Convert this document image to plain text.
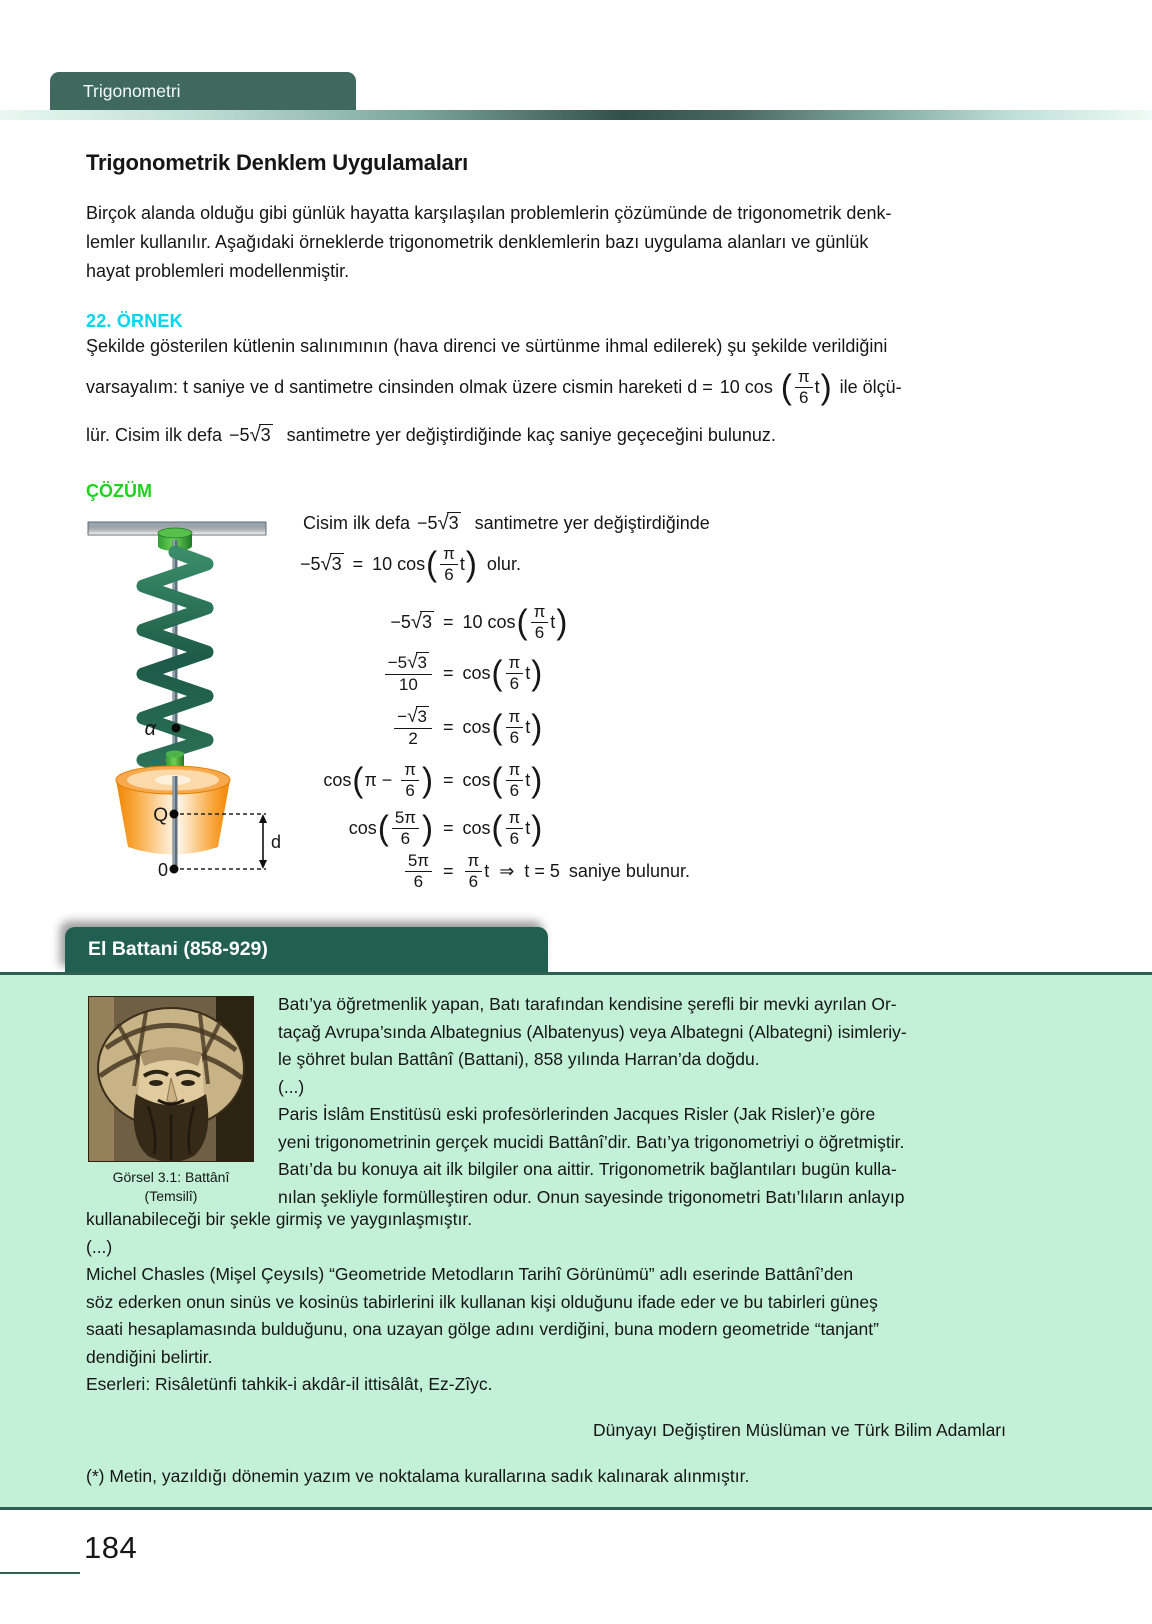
Trigonometri
Trigonometrik Denklem Uygulamaları
Birçok alanda olduğu gibi günlük hayatta karşılaşılan problemlerin çözümünde de trigonometrik denk-
lemler kullanılır. Aşağıdaki örneklerde trigonometrik denklemlerin bazı uygulama alanları ve günlük
hayat problemleri modellenmiştir.
22. ÖRNEK
Şekilde gösterilen kütlenin salınımının (hava direnci ve sürtünme ihmal edilerek) şu şekilde verildiğini
varsayalım: t saniye ve d santimetre cinsinden olmak üzere cismin hareketi d = 10 cos ( $\frac{\pi}{6}$ t ) ile ölçü-
lür. Cisim ilk defa −5 √ 3 santimetre yer değiştirdiğinde kaç saniye geçeceğini bulunuz.
ÇÖZÜM
α
Q
0
d
Cisim ilk defa −5 √ 3 santimetre yer değiştirdiğinde
−5 √ 3 = 10 cos ( $\frac{\pi}{6}$ t ) olur.
−5 √ 3 = 10 cos ( $\frac{\pi}{6}$ t )
$\frac{-5 √ 3}{10} = \cos$ ( $\frac{\pi}{6}$ t )
$\frac{- √ 3}{2} = \cos$ ( $\frac{\pi}{6}$ t )
cos ( $\pi - \frac{\pi}{6}$ ) = cos ( $\frac{\pi}{6}$ t )
cos ( $\frac{5\pi}{6}$ ) = cos ( $\frac{\pi}{6}$ t )
$\frac{5\pi}{6} = \frac{\pi}{6}$ t ⇒ t = 5 saniye bulunur.
El Battani (858-929)
Görsel 3.1: Battânî
(Temsilî)
Batı’ya öğretmenlik yapan, Batı tarafından kendisine şerefli bir mevki ayrılan Or-
taçağ Avrupa’sında Albategnius (Albatenyus) veya Albategni (Albategni) isimleriy-
le şöhret bulan Battânî (Battani), 858 yılında Harran’da doğdu.
(...)
Paris İslâm Enstitüsü eski profesörlerinden Jacques Risler (Jak Risler)’e göre
yeni trigonometrinin gerçek mucidi Battânî’dir. Batı’ya trigonometriyi o öğretmiştir.
Batı’da bu konuya ait ilk bilgiler ona aittir. Trigonometrik bağlantıları bugün kulla-
nılan şekliyle formülleştiren odur. Onun sayesinde trigonometri Batı’lıların anlayıp
kullanabileceği bir şekle girmiş ve yaygınlaşmıştır.
(...)
Michel Chasles (Mişel Çeysıls) “Geometride Metodların Tarihî Görünümü” adlı eserinde Battânî’den
söz ederken onun sinüs ve kosinüs tabirlerini ilk kullanan kişi olduğunu ifade eder ve bu tabirleri güneş
saati hesaplamasında bulduğunu, ona uzayan gölge adını verdiğini, buna modern geometride “tanjant”
dendiğini belirtir.
Eserleri: Risâletünfi tahkik-i akdâr-il ittisâlât, Ez-Zîyc.
Dünyayı Değiştiren Müslüman ve Türk Bilim Adamları
(*) Metin, yazıldığı dönemin yazım ve noktalama kurallarına sadık kalınarak alınmıştır.
184
